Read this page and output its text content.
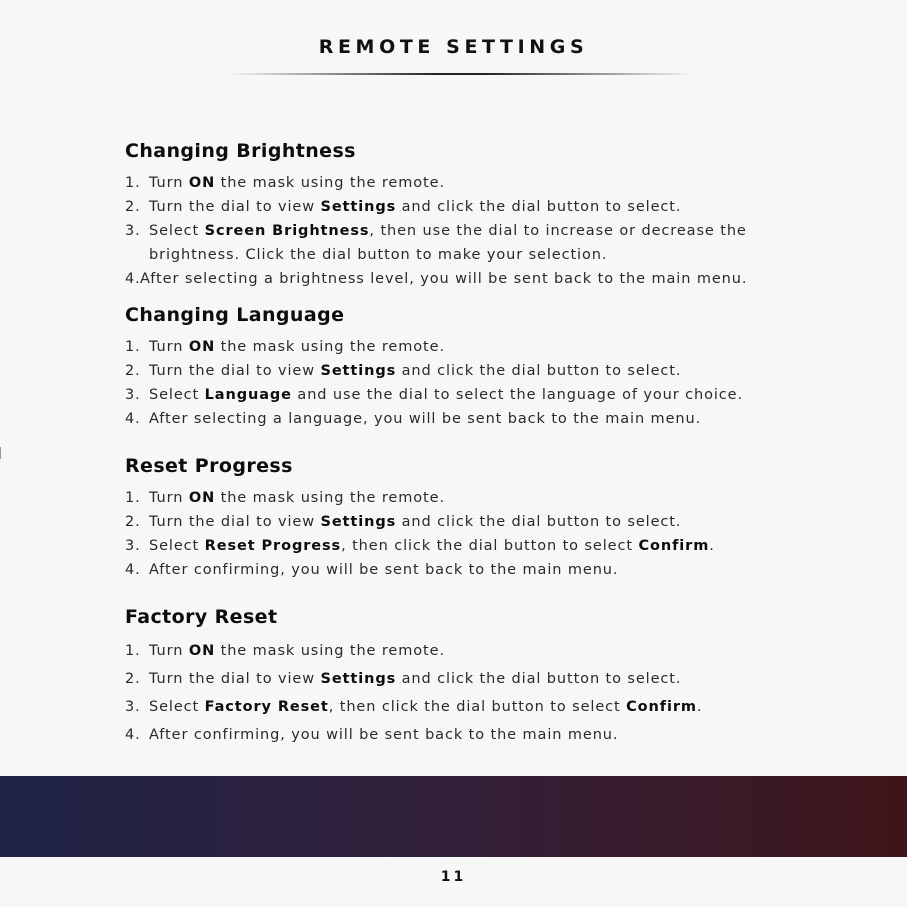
REMOTE SETTINGS
Changing Brightness
1. Turn ON the mask using the remote.
2. Turn the dial to view Settings and click the dial button to select.
3. Select Screen Brightness, then use the dial to increase or decrease the
brightness. Click the dial button to make your selection.
4.After selecting a brightness level, you will be sent back to the main menu.
Changing Language
1. Turn ON the mask using the remote.
2. Turn the dial to view Settings and click the dial button to select.
3. Select Language and use the dial to select the language of your choice.
4. After selecting a language, you will be sent back to the main menu.
Reset Progress
1. Turn ON the mask using the remote.
2. Turn the dial to view Settings and click the dial button to select.
3. Select Reset Progress, then click the dial button to select Confirm.
4. After confirming, you will be sent back to the main menu.
Factory Reset
1. Turn ON the mask using the remote.
2. Turn the dial to view Settings and click the dial button to select.
3. Select Factory Reset, then click the dial button to select Confirm.
4. After confirming, you will be sent back to the main menu.
11
